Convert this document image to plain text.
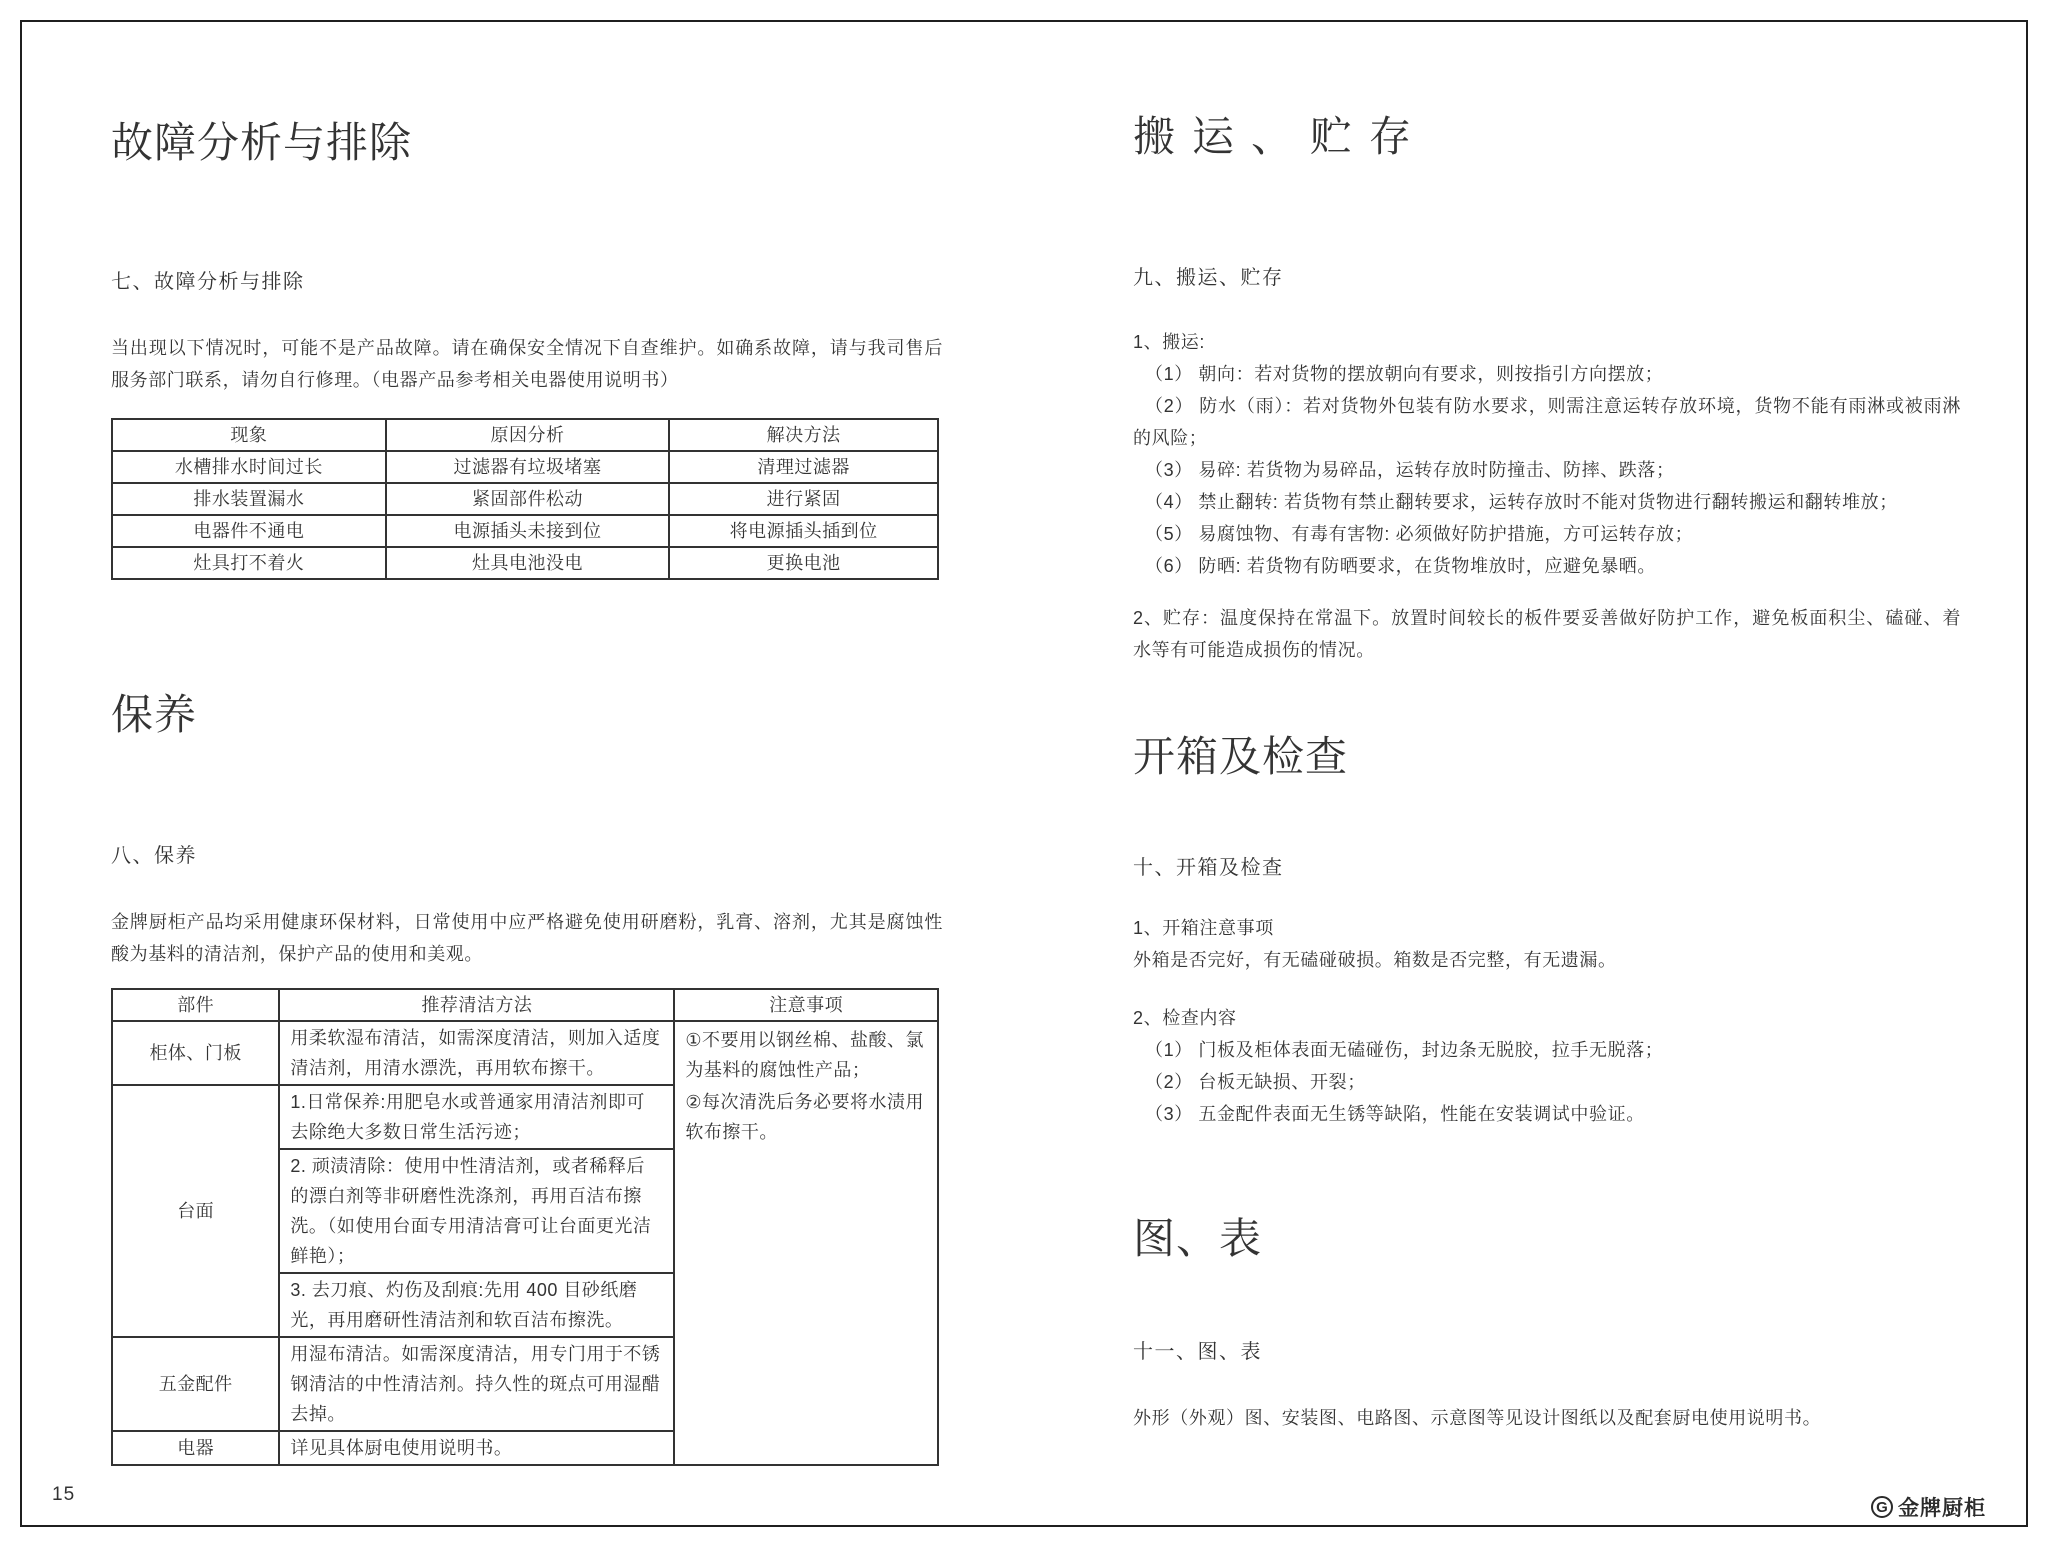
故障分析与排除
七、故障分析与排除
当出现以下情况时，可能不是产品故障。请在确保安全情况下自查维护。如确系故障，请与我司售后服务部门联系，请勿自行修理。（电器产品参考相关电器使用说明书）
现象	原因分析	解决方法
水槽排水时间过长	过滤器有垃圾堵塞	清理过滤器
排水装置漏水	紧固部件松动	进行紧固
电器件不通电	电源插头未接到位	将电源插头插到位
灶具打不着火	灶具电池没电	更换电池
保养
八、保养
金牌厨柜产品均采用健康环保材料，日常使用中应严格避免使用研磨粉，乳膏、溶剂，尤其是腐蚀性酸为基料的清洁剂，保护产品的使用和美观。
部件	推荐清洁方法	注意事项
柜体、门板	用柔软湿布清洁，如需深度清洁，则加入适度清洁剂，用清水漂洗，再用软布擦干。	①不要用以钢丝棉、盐酸、氯为基料的腐蚀性产品；
②每次清洗后务必要将水渍用软布擦干。

台面	1.日常保养:用肥皂水或普通家用清洁剂即可去除绝大多数日常生活污迹；	
	2. 顽渍清除：使用中性清洁剂，或者稀释后的漂白剂等非研磨性洗涤剂，再用百洁布擦洗。（如使用台面专用清洁膏可让台面更光洁鲜艳）；	
	3. 去刀痕、灼伤及刮痕:先用 400 目砂纸磨光，再用磨研性清洁剂和软百洁布擦洗。	
五金配件	用湿布清洁。如需深度清洁，用专门用于不锈钢清洁的中性清洁剂。持久性的斑点可用湿醋去掉。	
电器	详见具体厨电使用说明书。	
搬运、贮存
九、搬运、贮存
1、搬运:
（1） 朝向：若对货物的摆放朝向有要求，则按指引方向摆放；
（2） 防水（雨）：若对货物外包装有防水要求，则需注意运转存放环境，货物不能有雨淋或被雨淋的风险；
（3） 易碎: 若货物为易碎品，运转存放时防撞击、防摔、跌落；
（4） 禁止翻转: 若货物有禁止翻转要求，运转存放时不能对货物进行翻转搬运和翻转堆放；
（5） 易腐蚀物、有毒有害物: 必须做好防护措施，方可运转存放；
（6） 防晒: 若货物有防晒要求，在货物堆放时，应避免暴晒。
2、贮存：温度保持在常温下。放置时间较长的板件要妥善做好防护工作，避免板面积尘、磕碰、着水等有可能造成损伤的情况。
开箱及检查
十、开箱及检查
1、开箱注意事项
外箱是否完好，有无磕碰破损。箱数是否完整，有无遗漏。
2、检查内容
（1） 门板及柜体表面无磕碰伤，封边条无脱胶，拉手无脱落；
（2） 台板无缺损、开裂；
（3） 五金配件表面无生锈等缺陷，性能在安装调试中验证。
图、表
十一、图、表
外形（外观）图、安装图、电路图、示意图等见设计图纸以及配套厨电使用说明书。
15
G 金牌厨柜
